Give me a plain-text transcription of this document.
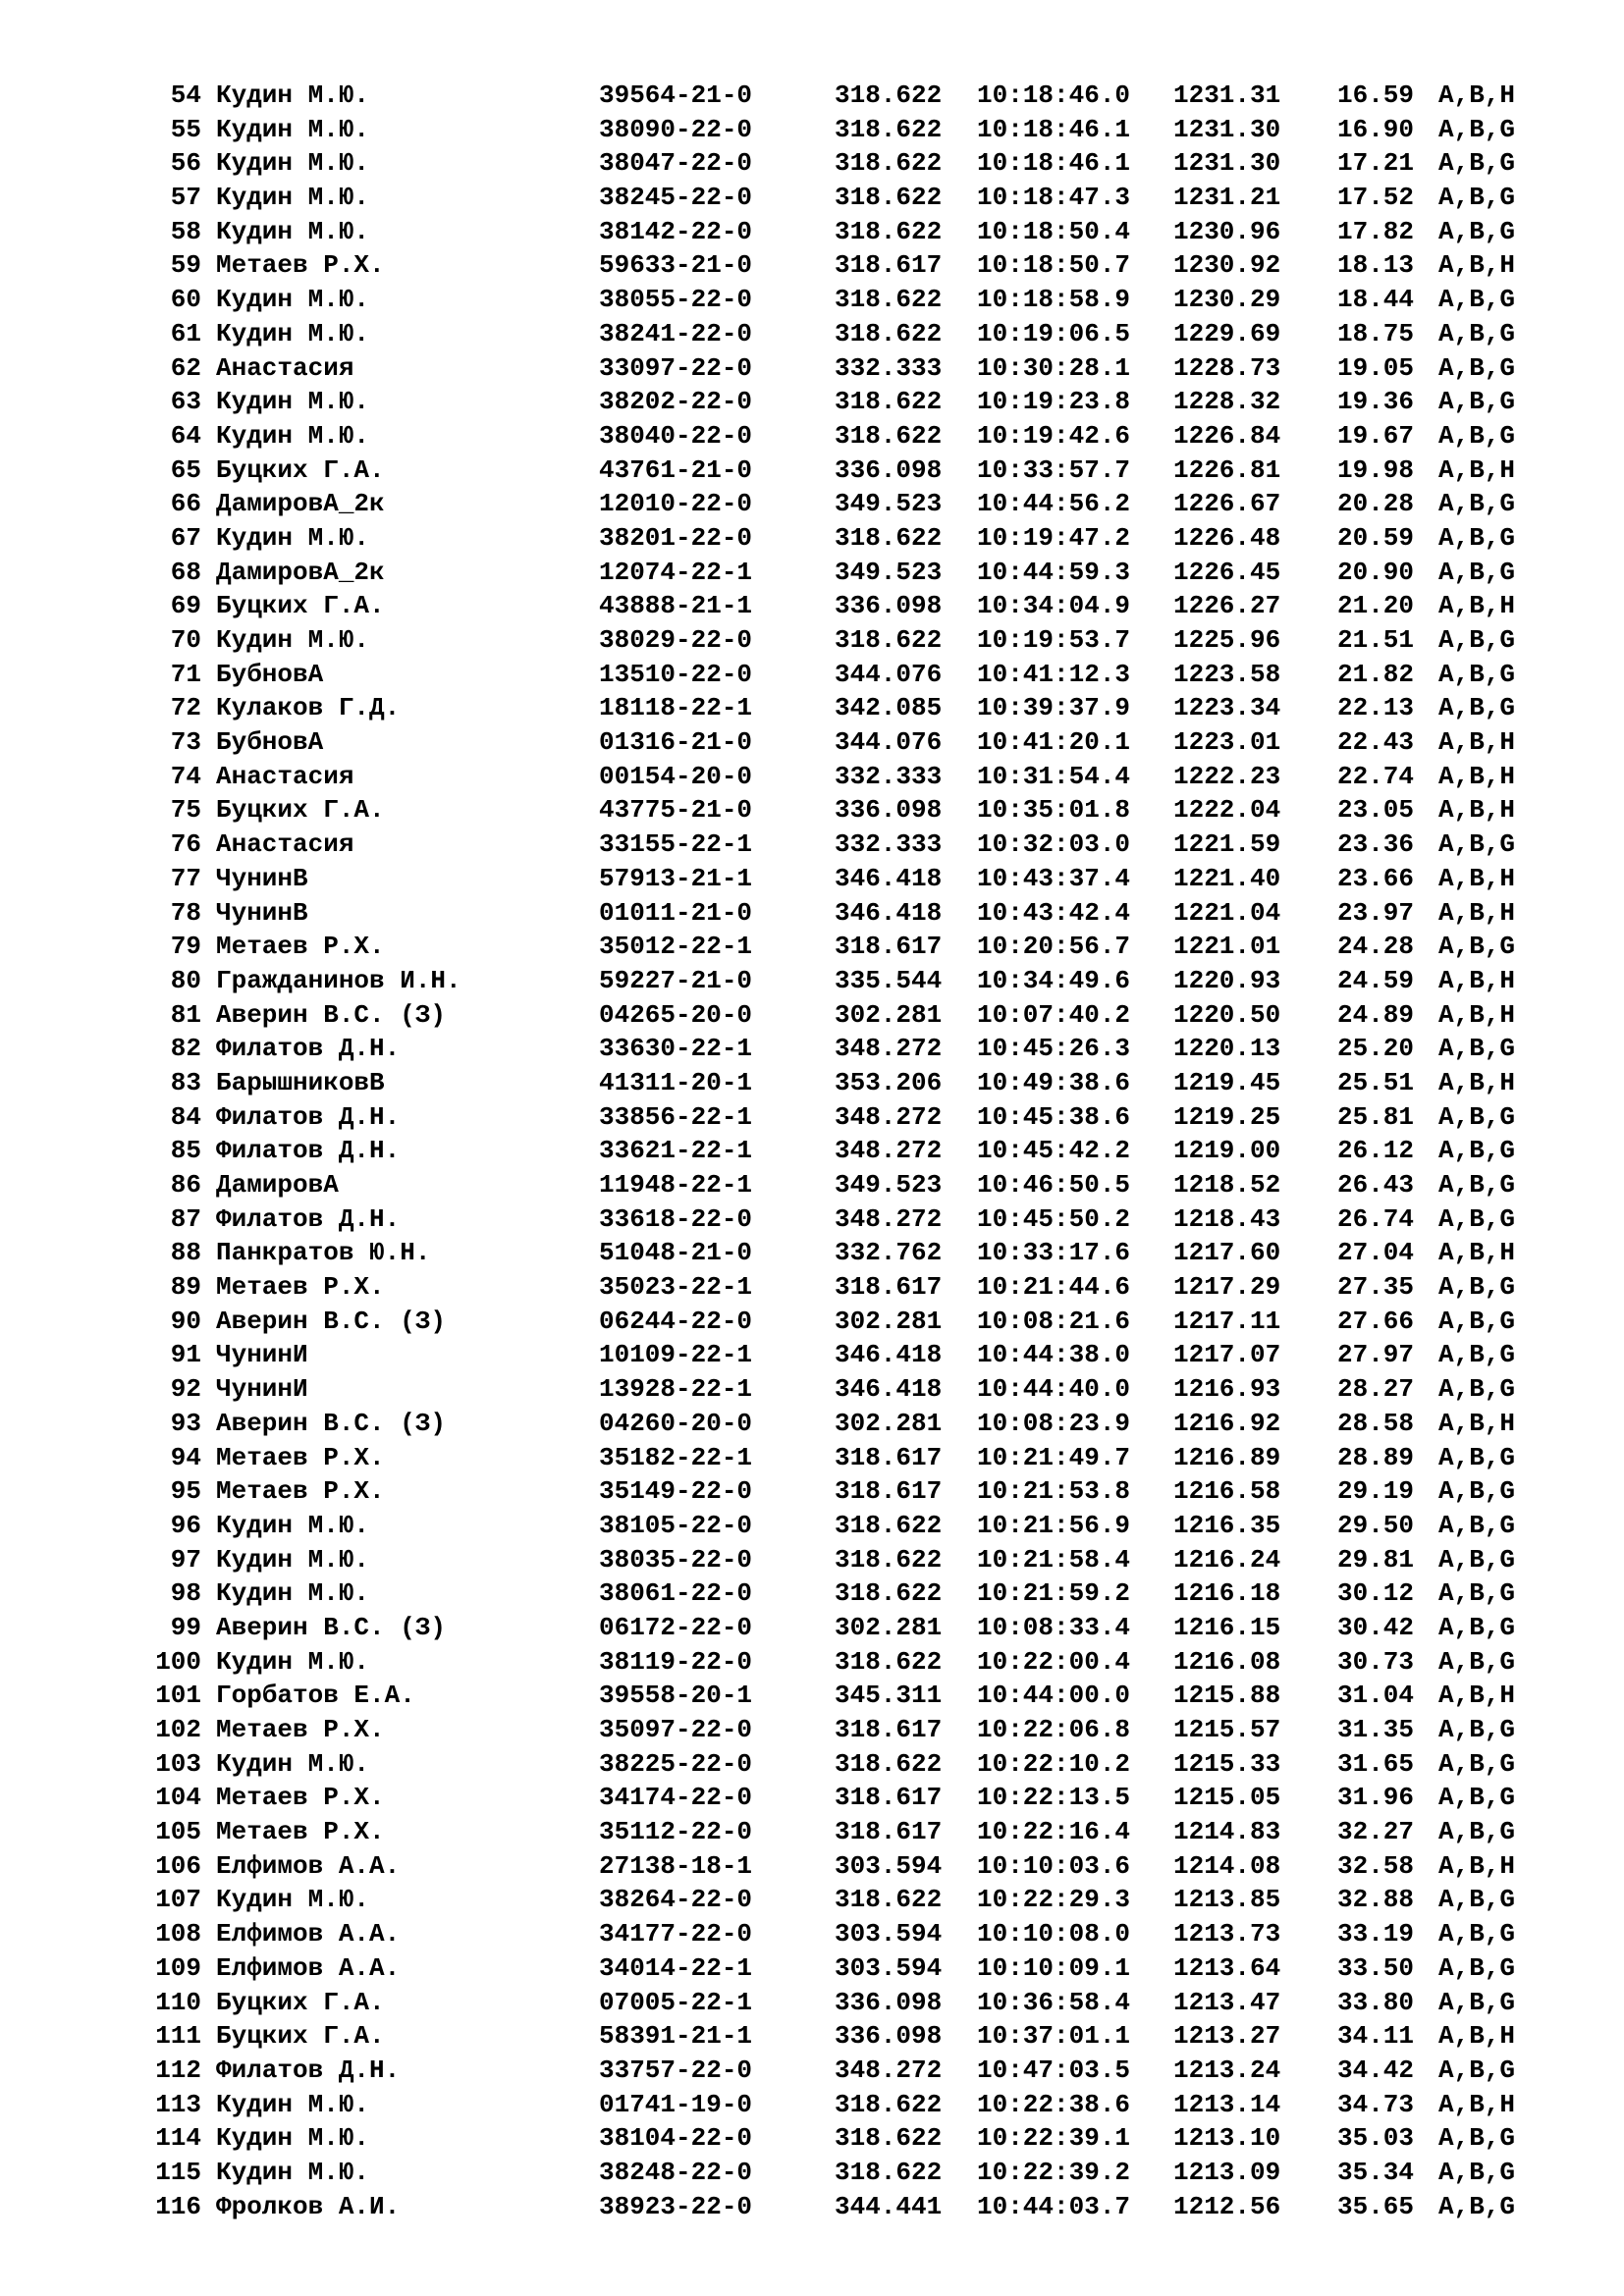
54 Кудин М.Ю.	39564-21-0	318.622 10:18:46.0 1231.31 16.59 A,B,H
55 Кудин М.Ю.	38090-22-0	318.622 10:18:46.1 1231.30 16.90 A,B,G
56 Кудин М.Ю.	38047-22-0	318.622 10:18:46.1 1231.30 17.21 A,B,G
57 Кудин М.Ю.	38245-22-0	318.622 10:18:47.3 1231.21 17.52 A,B,G
58 Кудин М.Ю.	38142-22-0	318.622 10:18:50.4 1230.96 17.82 A,B,G
59 Метаев Р.Х.	59633-21-0	318.617 10:18:50.7 1230.92 18.13 A,B,H
60 Кудин М.Ю.	38055-22-0	318.622 10:18:58.9 1230.29 18.44 A,B,G
61 Кудин М.Ю.	38241-22-0	318.622 10:19:06.5 1229.69 18.75 A,B,G
62 Анастасия	33097-22-0	332.333 10:30:28.1 1228.73 19.05 A,B,G
63 Кудин М.Ю.	38202-22-0	318.622 10:19:23.8 1228.32 19.36 A,B,G
64 Кудин М.Ю.	38040-22-0	318.622 10:19:42.6 1226.84 19.67 A,B,G
65 Буцких Г.А.	43761-21-0	336.098 10:33:57.7 1226.81 19.98 A,B,H
66 ДамировА_2к	12010-22-0	349.523 10:44:56.2 1226.67 20.28 A,B,G
67 Кудин М.Ю.	38201-22-0	318.622 10:19:47.2 1226.48 20.59 A,B,G
68 ДамировА_2к	12074-22-1	349.523 10:44:59.3 1226.45 20.90 A,B,G
69 Буцких Г.А.	43888-21-1	336.098 10:34:04.9 1226.27 21.20 A,B,H
70 Кудин М.Ю.	38029-22-0	318.622 10:19:53.7 1225.96 21.51 A,B,G
71 БубновА	13510-22-0	344.076 10:41:12.3 1223.58 21.82 A,B,G
72 Кулаков Г.Д.	18118-22-1	342.085 10:39:37.9 1223.34 22.13 A,B,G
73 БубновА	01316-21-0	344.076 10:41:20.1 1223.01 22.43 A,B,H
74 Анастасия	00154-20-0	332.333 10:31:54.4 1222.23 22.74 A,B,H
75 Буцких Г.А.	43775-21-0	336.098 10:35:01.8 1222.04 23.05 A,B,H
76 Анастасия	33155-22-1	332.333 10:32:03.0 1221.59 23.36 A,B,G
77 ЧунинВ	57913-21-1	346.418 10:43:37.4 1221.40 23.66 A,B,H
78 ЧунинВ	01011-21-0	346.418 10:43:42.4 1221.04 23.97 A,B,H
79 Метаев Р.Х.	35012-22-1	318.617 10:20:56.7 1221.01 24.28 A,B,G
80 Гражданинов И.Н.	59227-21-0	335.544 10:34:49.6 1220.93 24.59 A,B,H
81 Аверин В.С. (З)	04265-20-0	302.281 10:07:40.2 1220.50 24.89 A,B,H
82 Филатов Д.Н.	33630-22-1	348.272 10:45:26.3 1220.13 25.20 A,B,G
83 БарышниковВ	41311-20-1	353.206 10:49:38.6 1219.45 25.51 A,B,H
84 Филатов Д.Н.	33856-22-1	348.272 10:45:38.6 1219.25 25.81 A,B,G
85 Филатов Д.Н.	33621-22-1	348.272 10:45:42.2 1219.00 26.12 A,B,G
86 ДамировА	11948-22-1	349.523 10:46:50.5 1218.52 26.43 A,B,G
87 Филатов Д.Н.	33618-22-0	348.272 10:45:50.2 1218.43 26.74 A,B,G
88 Панкратов Ю.Н.	51048-21-0	332.762 10:33:17.6 1217.60 27.04 A,B,H
89 Метаев Р.Х.	35023-22-1	318.617 10:21:44.6 1217.29 27.35 A,B,G
90 Аверин В.С. (З)	06244-22-0	302.281 10:08:21.6 1217.11 27.66 A,B,G
91 ЧунинИ	10109-22-1	346.418 10:44:38.0 1217.07 27.97 A,B,G
92 ЧунинИ	13928-22-1	346.418 10:44:40.0 1216.93 28.27 A,B,G
93 Аверин В.С. (З)	04260-20-0	302.281 10:08:23.9 1216.92 28.58 A,B,H
94 Метаев Р.Х.	35182-22-1	318.617 10:21:49.7 1216.89 28.89 A,B,G
95 Метаев Р.Х.	35149-22-0	318.617 10:21:53.8 1216.58 29.19 A,B,G
96 Кудин М.Ю.	38105-22-0	318.622 10:21:56.9 1216.35 29.50 A,B,G
97 Кудин М.Ю.	38035-22-0	318.622 10:21:58.4 1216.24 29.81 A,B,G
98 Кудин М.Ю.	38061-22-0	318.622 10:21:59.2 1216.18 30.12 A,B,G
99 Аверин В.С. (З)	06172-22-0	302.281 10:08:33.4 1216.15 30.42 A,B,G
100 Кудин М.Ю.	38119-22-0	318.622 10:22:00.4 1216.08 30.73 A,B,G
101 Горбатов Е.А.	39558-20-1	345.311 10:44:00.0 1215.88 31.04 A,B,H
102 Метаев Р.Х.	35097-22-0	318.617 10:22:06.8 1215.57 31.35 A,B,G
103 Кудин М.Ю.	38225-22-0	318.622 10:22:10.2 1215.33 31.65 A,B,G
104 Метаев Р.Х.	34174-22-0	318.617 10:22:13.5 1215.05 31.96 A,B,G
105 Метаев Р.Х.	35112-22-0	318.617 10:22:16.4 1214.83 32.27 A,B,G
106 Елфимов А.А.	27138-18-1	303.594 10:10:03.6 1214.08 32.58 A,B,H
107 Кудин М.Ю.	38264-22-0	318.622 10:22:29.3 1213.85 32.88 A,B,G
108 Елфимов А.А.	34177-22-0	303.594 10:10:08.0 1213.73 33.19 A,B,G
109 Елфимов А.А.	34014-22-1	303.594 10:10:09.1 1213.64 33.50 A,B,G
110 Буцких Г.А.	07005-22-1	336.098 10:36:58.4 1213.47 33.80 A,B,G
111 Буцких Г.А.	58391-21-1	336.098 10:37:01.1 1213.27 34.11 A,B,H
112 Филатов Д.Н.	33757-22-0	348.272 10:47:03.5 1213.24 34.42 A,B,G
113 Кудин М.Ю.	01741-19-0	318.622 10:22:38.6 1213.14 34.73 A,B,H
114 Кудин М.Ю.	38104-22-0	318.622 10:22:39.1 1213.10 35.03 A,B,G
115 Кудин М.Ю.	38248-22-0	318.622 10:22:39.2 1213.09 35.34 A,B,G
116 Фролков А.И.	38923-22-0	344.441 10:44:03.7 1212.56 35.65 A,B,G
